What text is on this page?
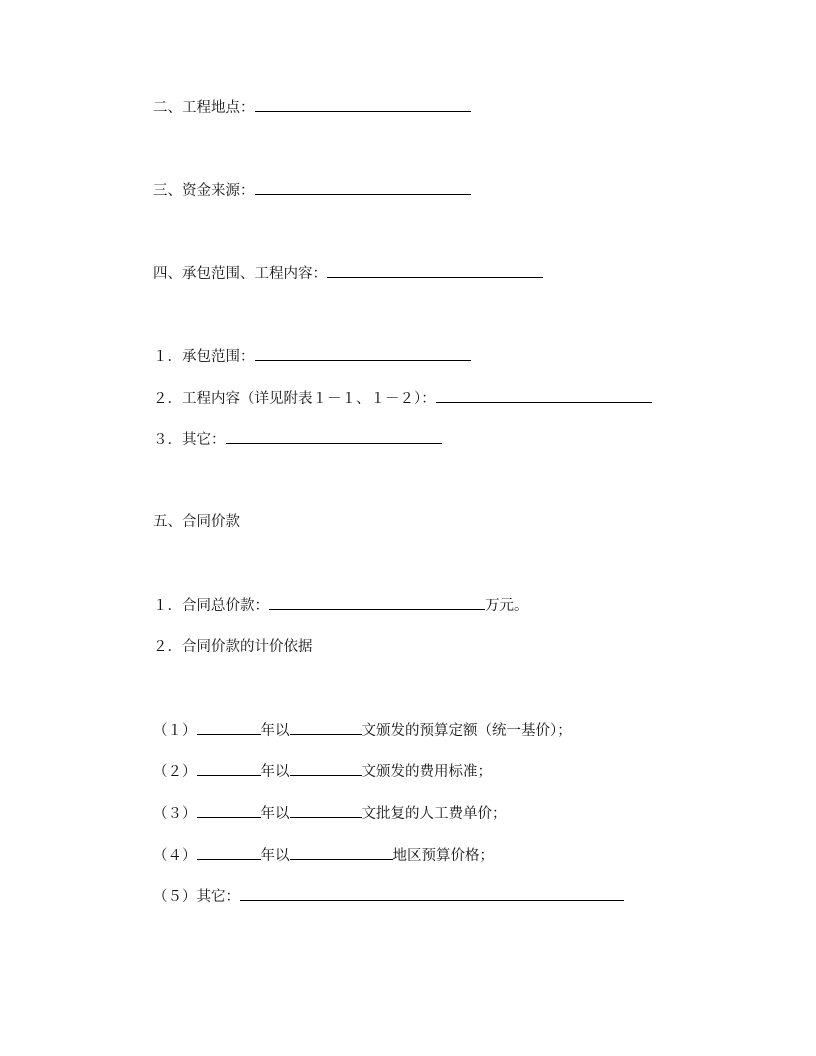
二、工程地点：
三、资金来源：
四、承包范围、工程内容：
１．承包范围：
２．工程内容（详见附表１－１、１－２）：
３．其它：
五、合同价款
１．合同总价款：	万元。
２．合同价款的计价依据
（１）	年以	文颁发的预算定额（统一基价）；
（２）	年以	文颁发的费用标准；
（３）	年以	文批复的人工费单价；
（４）	年以	地区预算价格；
（５）其它：
